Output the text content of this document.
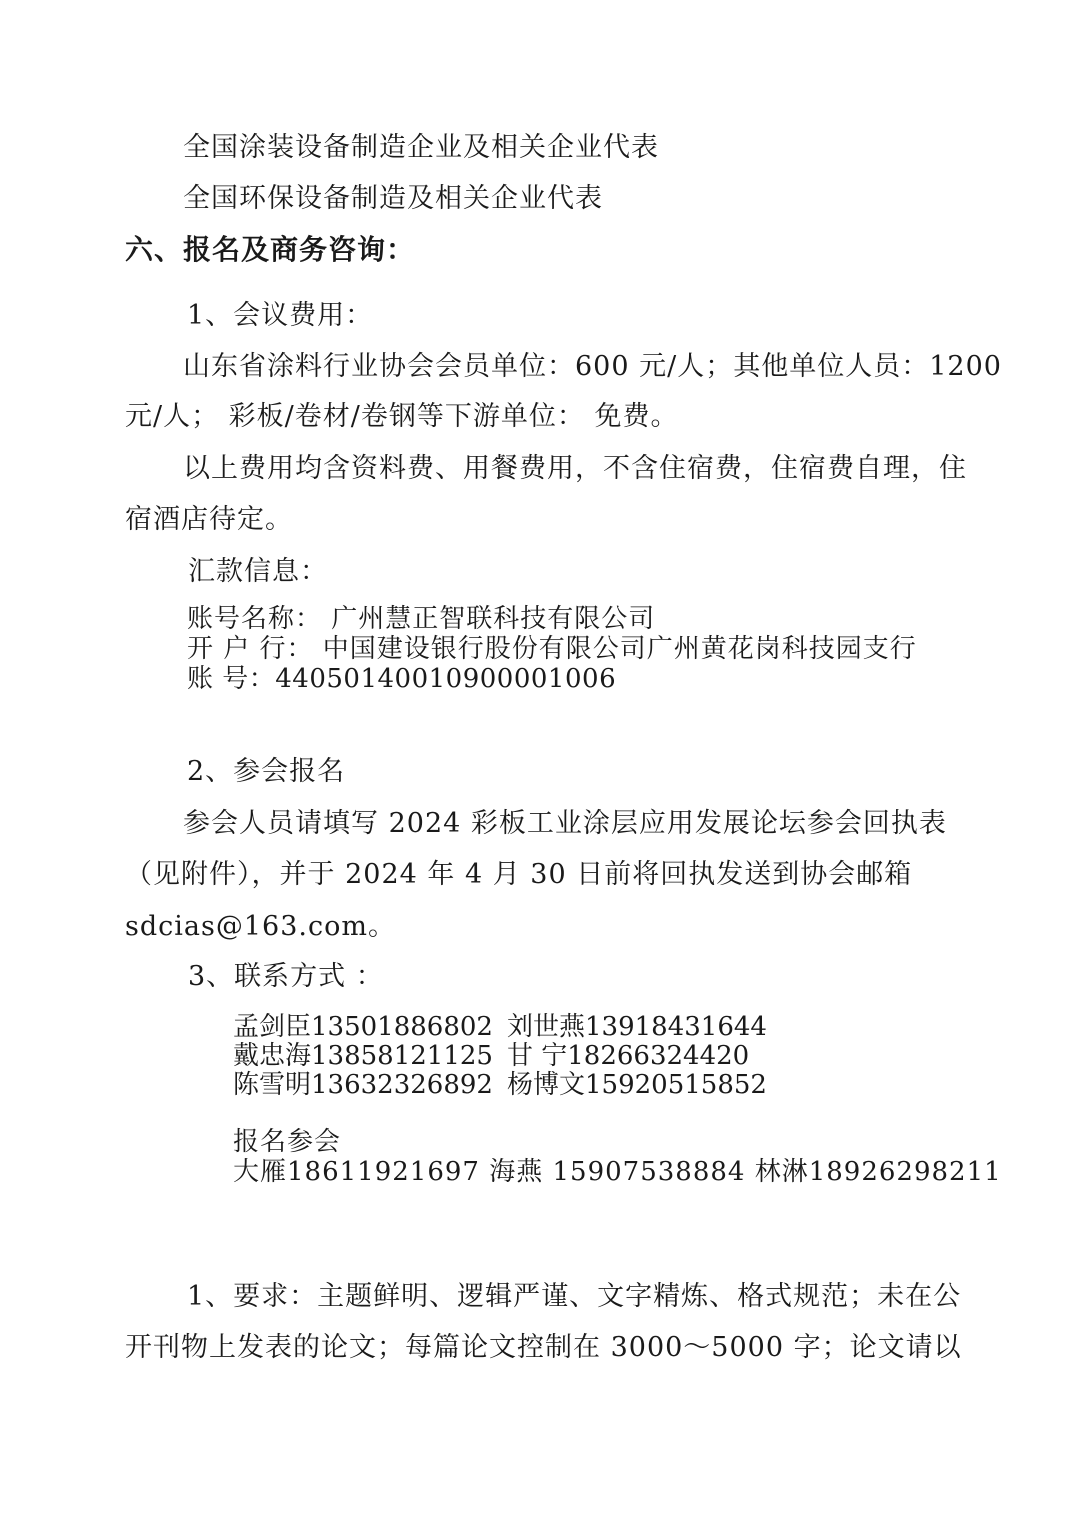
全国涂装设备制造企业及相关企业代表
全国环保设备制造及相关企业代表
六、报名及商务咨询：
1、会议费用：
山东省涂料行业协会会员单位：600 元/人；其他单位人员：1200
元/人； 彩板/卷材/卷钢等下游单位： 免费。
以上费用均含资料费、用餐费用，不含住宿费，住宿费自理，住
宿酒店待定。
汇款信息：
账号名称： 广州慧正智联科技有限公司
开 户 行： 中国建设银行股份有限公司广州黄花岗科技园支行
账 号：44050140010900001006
2、参会报名
参会人员请填写 2024 彩板工业涂层应用发展论坛参会回执表
（见附件），并于 2024 年 4 月 30 日前将回执发送到协会邮箱
sdcias@163.com。
3、联系方式 ：
孟剑臣13501886802 刘世燕13918431644
戴忠海13858121125 甘 宁18266324420
陈雪明13632326892 杨博文15920515852
报名参会
大雁18611921697 海燕 15907538884 林淋18926298211
1、要求：主题鲜明、逻辑严谨、文字精炼、格式规范；未在公
开刊物上发表的论文；每篇论文控制在 3000～5000 字；论文请以
